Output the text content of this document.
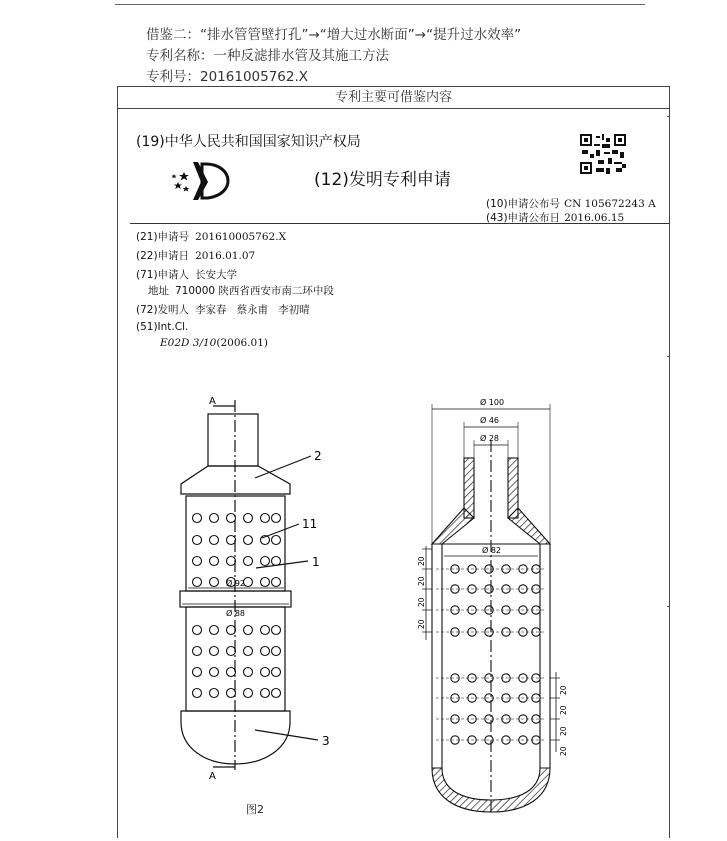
借鉴二：“排水管管壁打孔”→“增大过水断面”→“提升过水效率”
专利名称：一种反滤排水管及其施工方法
专利号：20161005762.X
专利主要可借鉴内容
(19)中华人民共和国国家知识产权局
(12)发明专利申请
(10)申请公布号 CN 105672243 A
(43)申请公布日 2016.06.15
(21)申请号 201610005762.X
(22)申请日 2016.01.07
(71)申请人 长安大学
地址 710000 陕西省西安市南二环中段
(72)发明人 李家春   蔡永甫   李初晴
(51)Int.Cl.
E02D 3/10(2006.01)
A
A
2
11
1
3
Ø 92
Ø 88
20
20
20
20
20
20
20
20
Ø 100
Ø 46
Ø 28
Ø 82
图2
